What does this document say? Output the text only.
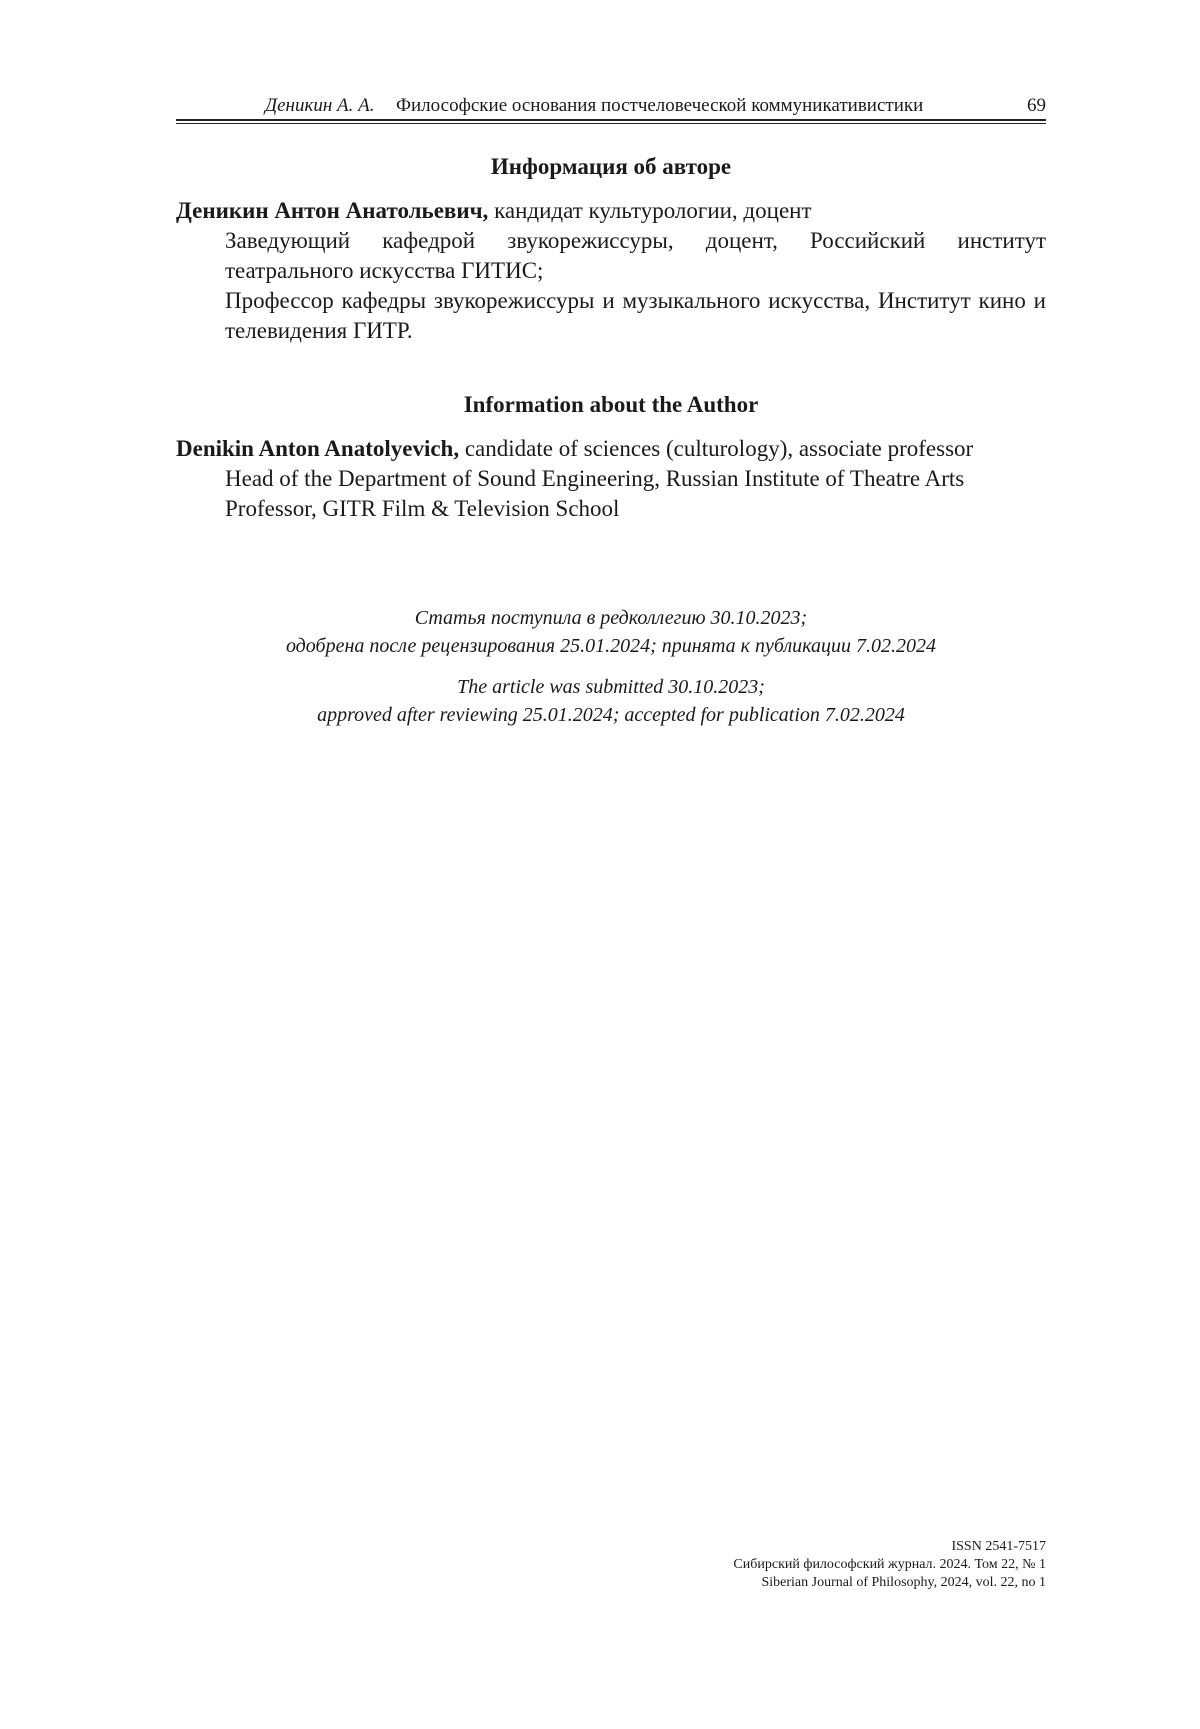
Деникин А. А. Философские основания постчеловеческой коммуникативистики	69
Информация об авторе
Деникин Антон Анатольевич, кандидат культурологии, доцент
Заведующий кафедрой звукорежиссуры, доцент, Российский институт театрального искусства ГИТИС;
Профессор кафедры звукорежиссуры и музыкального искусства, Институт кино и телевидения ГИТР.
Information about the Author
Denikin Anton Anatolyevich, candidate of sciences (culturology), associate professor
Head of the Department of Sound Engineering, Russian Institute of Theatre Arts
Professor, GITR Film & Television School
Статья поступила в редколлегию 30.10.2023;
одобрена после рецензирования 25.01.2024; принята к публикации 7.02.2024
The article was submitted 30.10.2023;
approved after reviewing 25.01.2024; accepted for publication 7.02.2024
ISSN 2541-7517
Сибирский философский журнал. 2024. Том 22, № 1
Siberian Journal of Philosophy, 2024, vol. 22, no 1
